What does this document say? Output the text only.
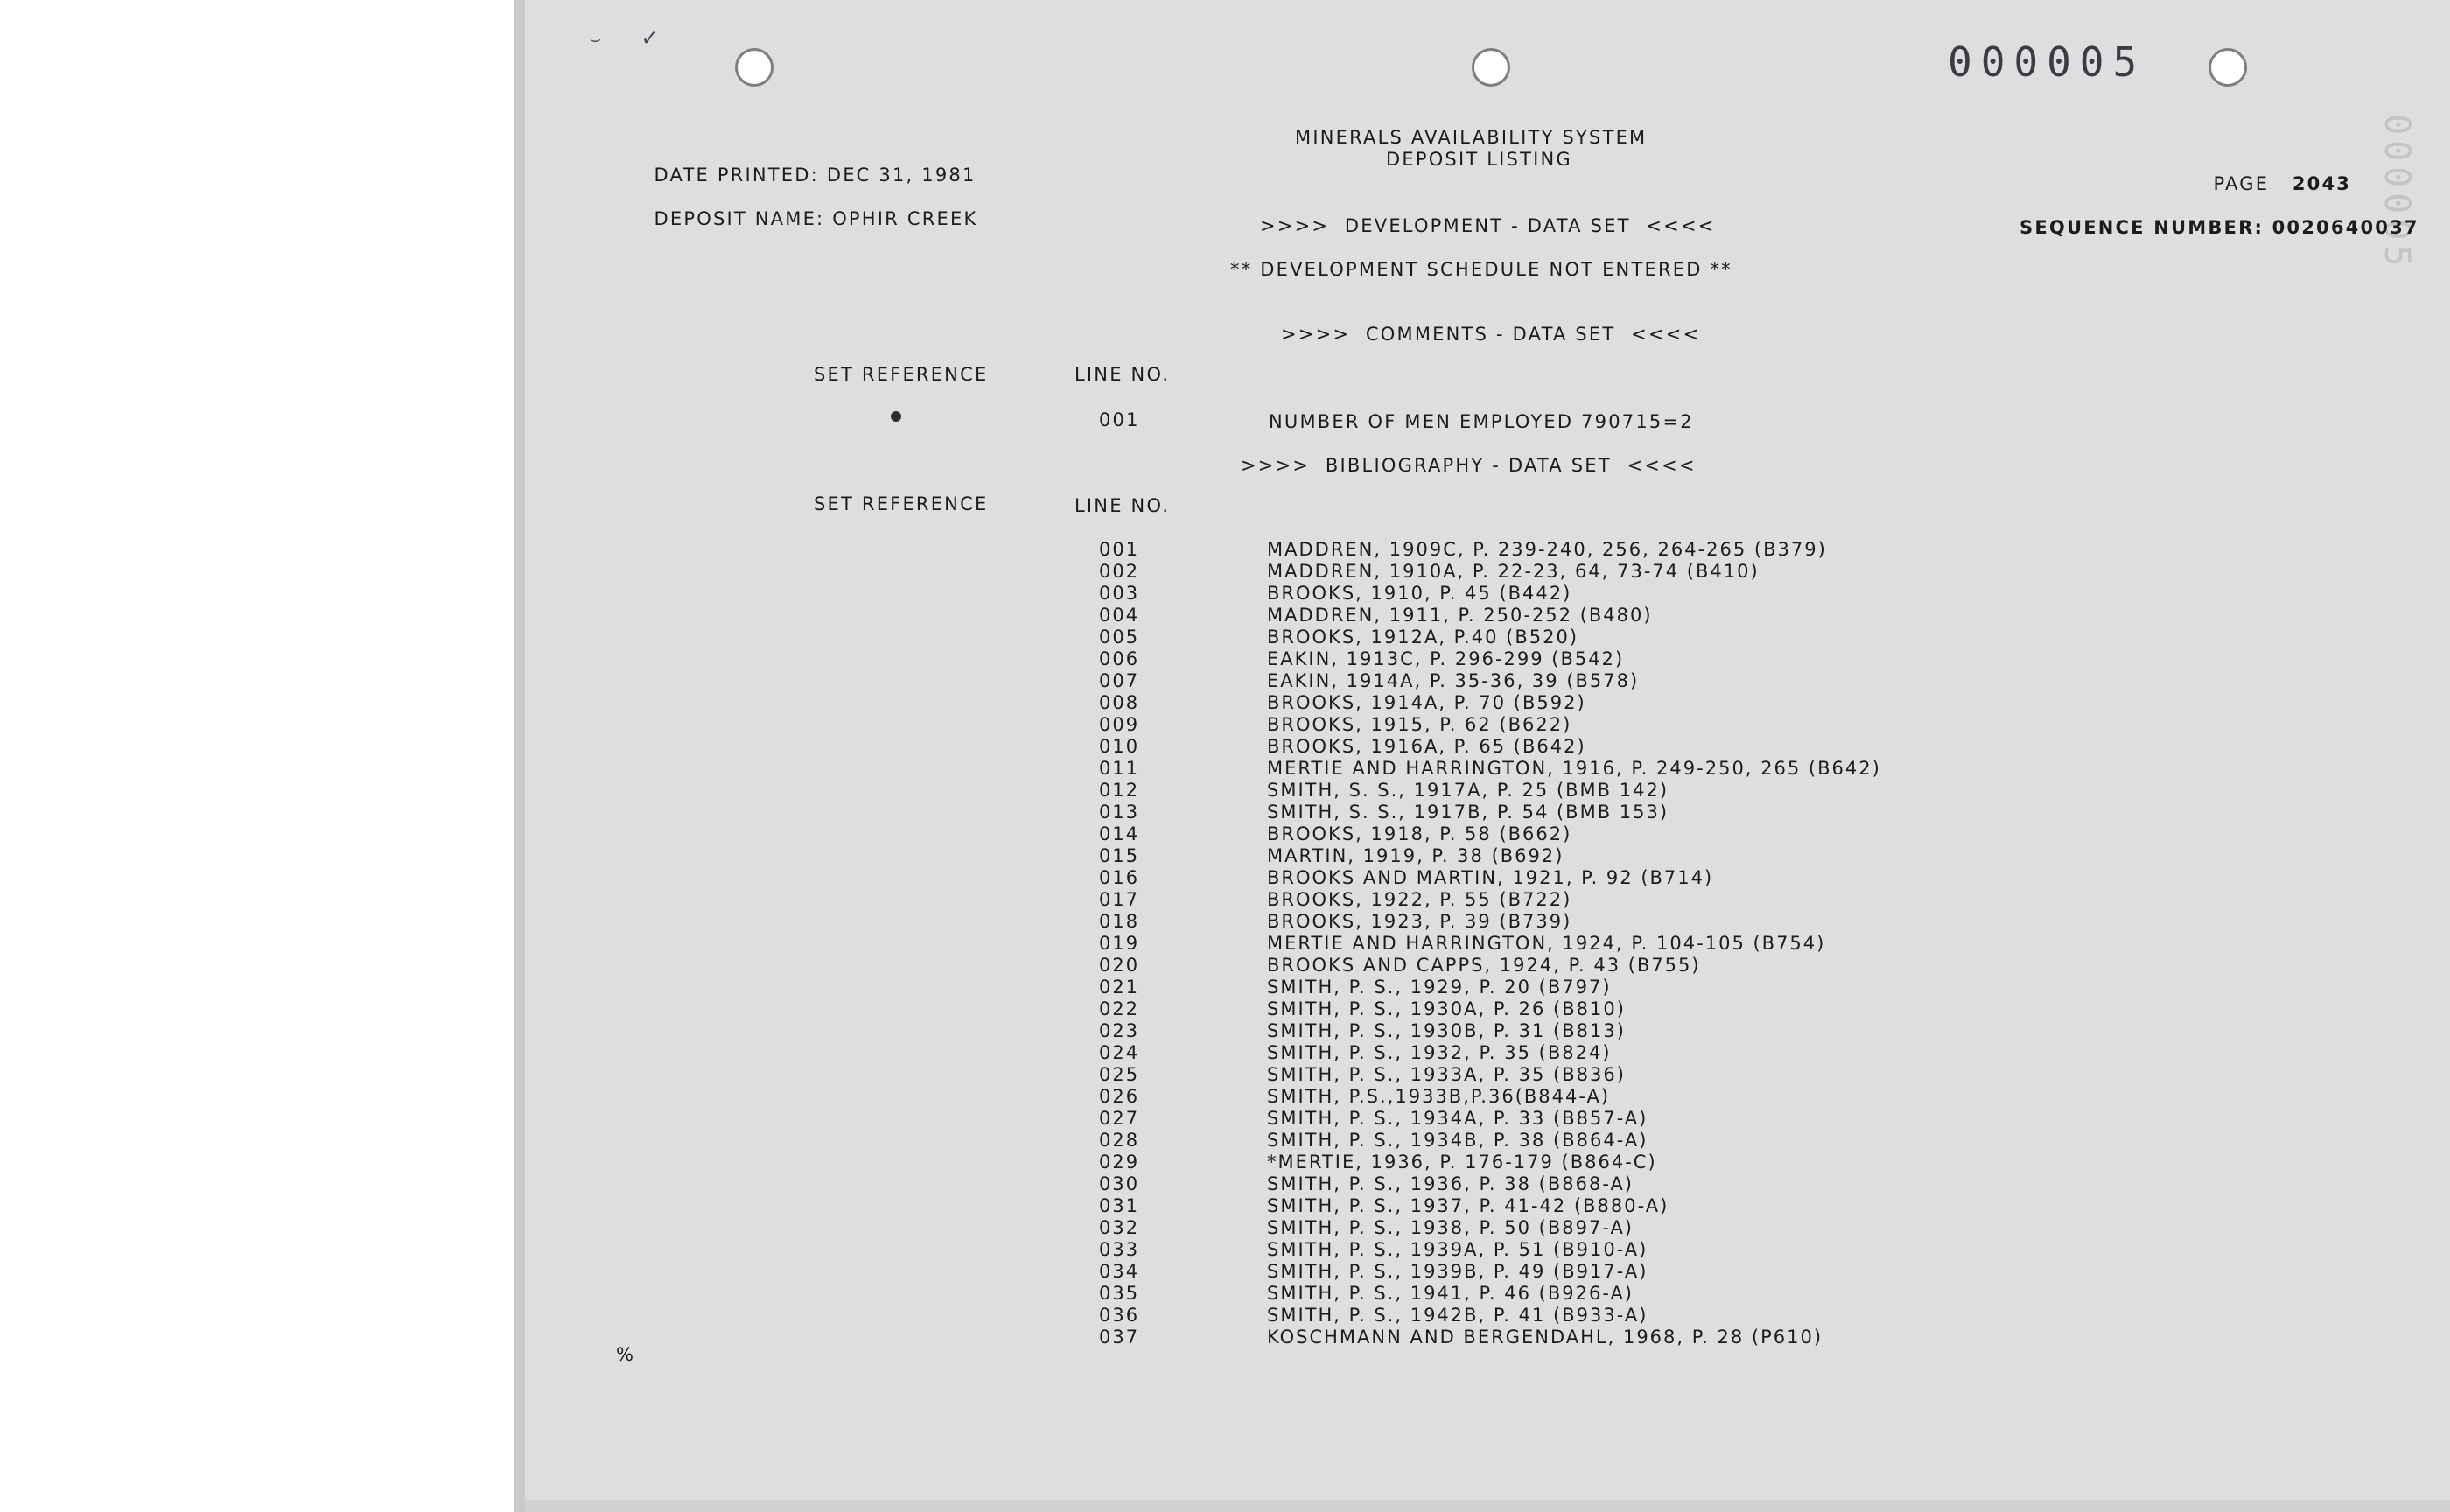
000005
000005
✓
⌣

DATE PRINTED: DEC 31, 1981

DEPOSIT NAME: OPHIR CREEK

MINERALS AVAILABILITY SYSTEM
DEPOSIT LISTING

PAGE 2043

SEQUENCE NUMBER: 0020640037

>>>>  DEVELOPMENT - DATA SET  <<<<
** DEVELOPMENT SCHEDULE NOT ENTERED **
>>>>  COMMENTS - DATA SET  <<<<
SET REFERENCE	LINE NO.
001	NUMBER OF MEN EMPLOYED 790715=2
>>>>  BIBLIOGRAPHY - DATA SET  <<<<
SET REFERENCE	LINE NO.
001	MADDREN, 1909C, P. 239-240, 256, 264-265 (B379)
002	MADDREN, 1910A, P. 22-23, 64, 73-74 (B410)
003	BROOKS, 1910, P. 45 (B442)
004	MADDREN, 1911, P. 250-252 (B480)
005	BROOKS, 1912A, P.40 (B520)
006	EAKIN, 1913C, P. 296-299 (B542)
007	EAKIN, 1914A, P. 35-36, 39 (B578)
008	BROOKS, 1914A, P. 70 (B592)
009	BROOKS, 1915, P. 62 (B622)
010	BROOKS, 1916A, P. 65 (B642)
011	MERTIE AND HARRINGTON, 1916, P. 249-250, 265 (B642)
012	SMITH, S. S., 1917A, P. 25 (BMB 142)
013	SMITH, S. S., 1917B, P. 54 (BMB 153)
014	BROOKS, 1918, P. 58 (B662)
015	MARTIN, 1919, P. 38 (B692)
016	BROOKS AND MARTIN, 1921, P. 92 (B714)
017	BROOKS, 1922, P. 55 (B722)
018	BROOKS, 1923, P. 39 (B739)
019	MERTIE AND HARRINGTON, 1924, P. 104-105 (B754)
020	BROOKS AND CAPPS, 1924, P. 43 (B755)
021	SMITH, P. S., 1929, P. 20 (B797)
022	SMITH, P. S., 1930A, P. 26 (B810)
023	SMITH, P. S., 1930B, P. 31 (B813)
024	SMITH, P. S., 1932, P. 35 (B824)
025	SMITH, P. S., 1933A, P. 35 (B836)
026	SMITH, P.S.,1933B,P.36(B844-A)
027	SMITH, P. S., 1934A, P. 33 (B857-A)
028	SMITH, P. S., 1934B, P. 38 (B864-A)
029	*MERTIE, 1936, P. 176-179 (B864-C)
030	SMITH, P. S., 1936, P. 38 (B868-A)
031	SMITH, P. S., 1937, P. 41-42 (B880-A)
032	SMITH, P. S., 1938, P. 50 (B897-A)
033	SMITH, P. S., 1939A, P. 51 (B910-A)
034	SMITH, P. S., 1939B, P. 49 (B917-A)
035	SMITH, P. S., 1941, P. 46 (B926-A)
036	SMITH, P. S., 1942B, P. 41 (B933-A)
037	KOSCHMANN AND BERGENDAHL, 1968, P. 28 (P610)
%
